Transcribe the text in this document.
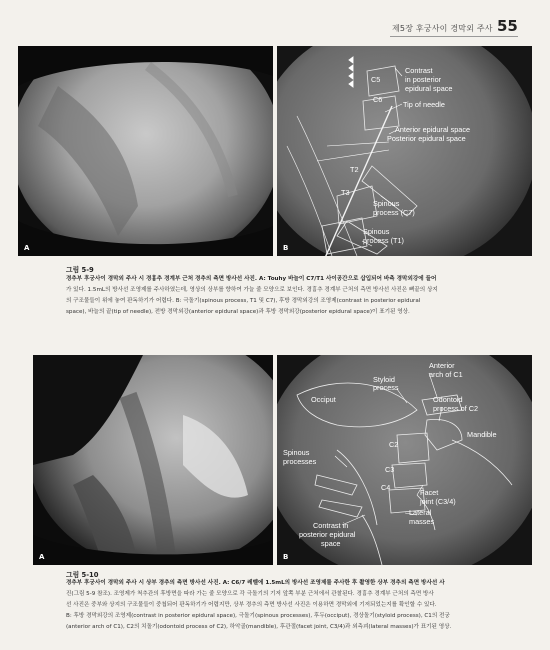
제5장 후궁사이 경막외 주사 55
A
C5
C6
Contrast
in posterior
epidural space
Tip of needle
Anterior epidural space
Posterior epidural space
T2
T3
Spinous
process (C7)
Spinous
process (T1)
B
그림 5-9
경추부 후궁사이 경막외 주사 시 경흉추 경계부 근처 경추의 측면 방사선 사진. A: Touhy 바늘이 C7/T1 사이공간으로 삽입되어 바측 경막외강에 들어
가 있다. 1.5mL의 방사선 조영제를 주사하였는데, 영상의 상부를 향하여 가늘 줄 모양으로 보인다. 경흉추 경계부 근처의 측면 방사선 사진은 뼈끝의 상지
의 구조물들이 위에 놓여 판독하기가 어렵다. B: 극돌기(spinous process, T1 및 C7), 후방 경막외강의 조영제(contrast in posterior epidural
space), 바늘의 끝(tip of needle), 전방 경막외강(anterior epidural space)과 후방 경막외강(posterior epidural space)이 표기된 영상.
A
Styloid
process
Anterior
arch of C1
Occiput	Odontoid
process of C2
Mandible
C2
C3
C4
Spinous
processes
Facet
joint (C3/4)
Lateral
masses
Contrast in
posterior epidural
space
B
그림 5-10
경추부 후궁사이 경막외 주사 시 상부 경추의 측면 방사선 사진. A: C6/7 레벨에 1.5mL의 방사선 조영제를 주사한 후 촬영한 상부 경추의 측면 방사선 사
진(그림 5-9 참조). 조영제가 척추관의 후방면을 따라 가는 줄 모양으로 각 극돌기의 기저 앞쪽 부분 근처에서 관찰된다. 경흉추 경계부 근처의 측면 방사
선 사진은 중부와 상지의 구조물들이 중첩되어 판독하기가 어렵지만, 상부 경추의 측면 방사선 사진은 이용하면 경막외에 기저되었는지를 확인할 수 있다.
B: 후방 경막외강의 조영제(contrast in posterior epidural space), 극돌기(spinous processes), 후두(occiput), 경상돌기(styloid process), C1의 전궁
(anterior arch of C1), C2의 치돌기(odontoid process of C2), 하악골(mandible), 후관절(facet joint, C3/4)과 외측괴(lateral masses)가 표기된 영상.
